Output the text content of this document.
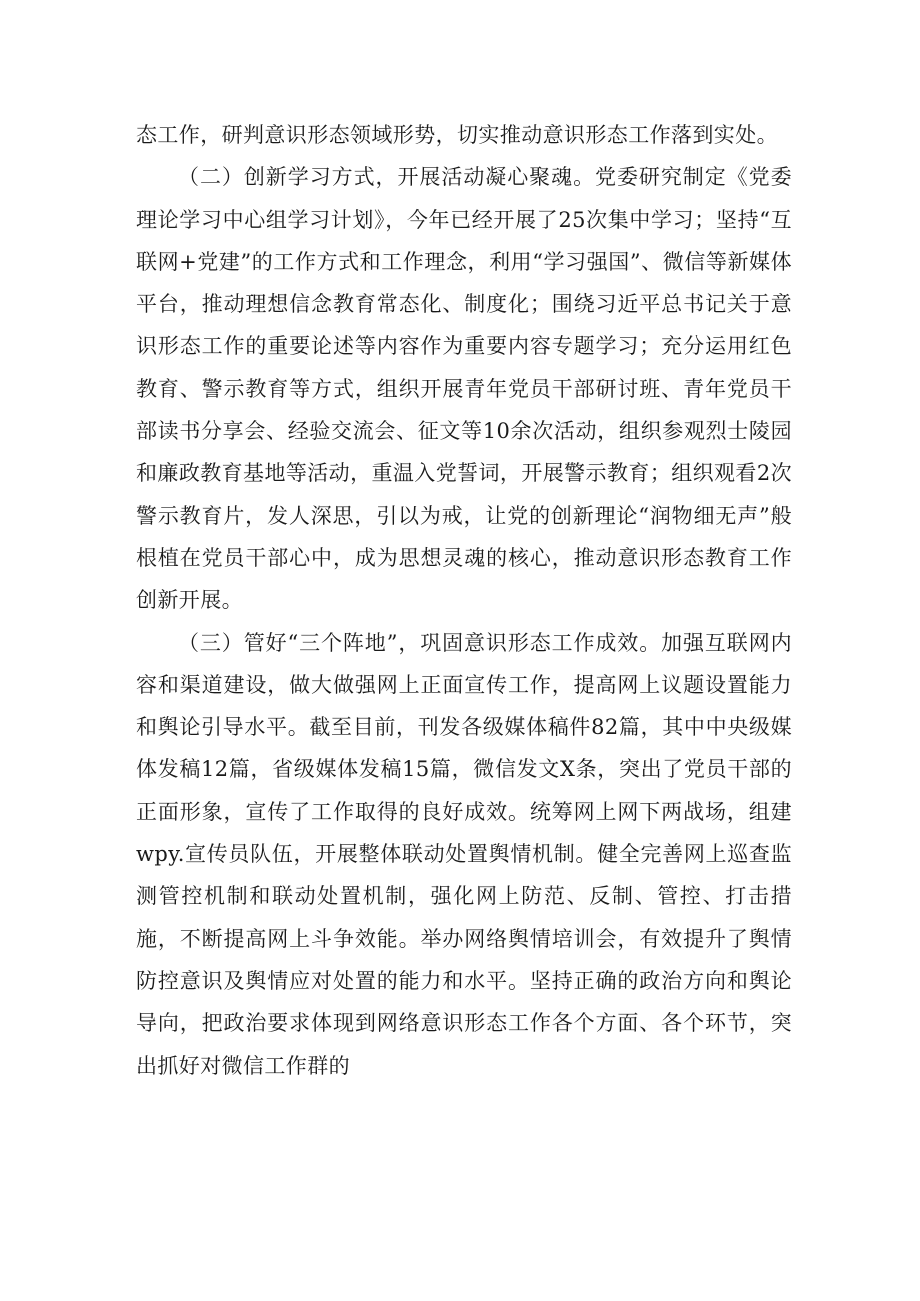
态工作，研判意识形态领域形势，切实推动意识形态工作落到实处。

（二）创新学习方式，开展活动凝心聚魂。党委研究制定《党委理论学习中心组学习计划》，今年已经开展了25次集中学习；坚持“互联网+党建”的工作方式和工作理念，利用“学习强国”、微信等新媒体平台，推动理想信念教育常态化、制度化；围绕习近平总书记关于意识形态工作的重要论述等内容作为重要内容专题学习；充分运用红色教育、警示教育等方式，组织开展青年党员干部研讨班、青年党员干部读书分享会、经验交流会、征文等10余次活动，组织参观烈士陵园和廉政教育基地等活动，重温入党誓词，开展警示教育；组织观看2次警示教育片，发人深思，引以为戒，让党的创新理论“润物细无声”般根植在党员干部心中，成为思想灵魂的核心，推动意识形态教育工作创新开展。

（三）管好“三个阵地”，巩固意识形态工作成效。加强互联网内容和渠道建设，做大做强网上正面宣传工作，提高网上议题设置能力和舆论引导水平。截至目前，刊发各级媒体稿件82篇，其中中央级媒体发稿12篇，省级媒体发稿15篇，微信发文X条，突出了党员干部的正面形象，宣传了工作取得的良好成效。统筹网上网下两战场，组建wpy.宣传员队伍，开展整体联动处置舆情机制。健全完善网上巡查监测管控机制和联动处置机制，强化网上防范、反制、管控、打击措施，不断提高网上斗争效能。举办网络舆情培训会，有效提升了舆情防控意识及舆情应对处置的能力和水平。坚持正确的政治方向和舆论导向，把政治要求体现到网络意识形态工作各个方面、各个环节，突出抓好对微信工作群的
